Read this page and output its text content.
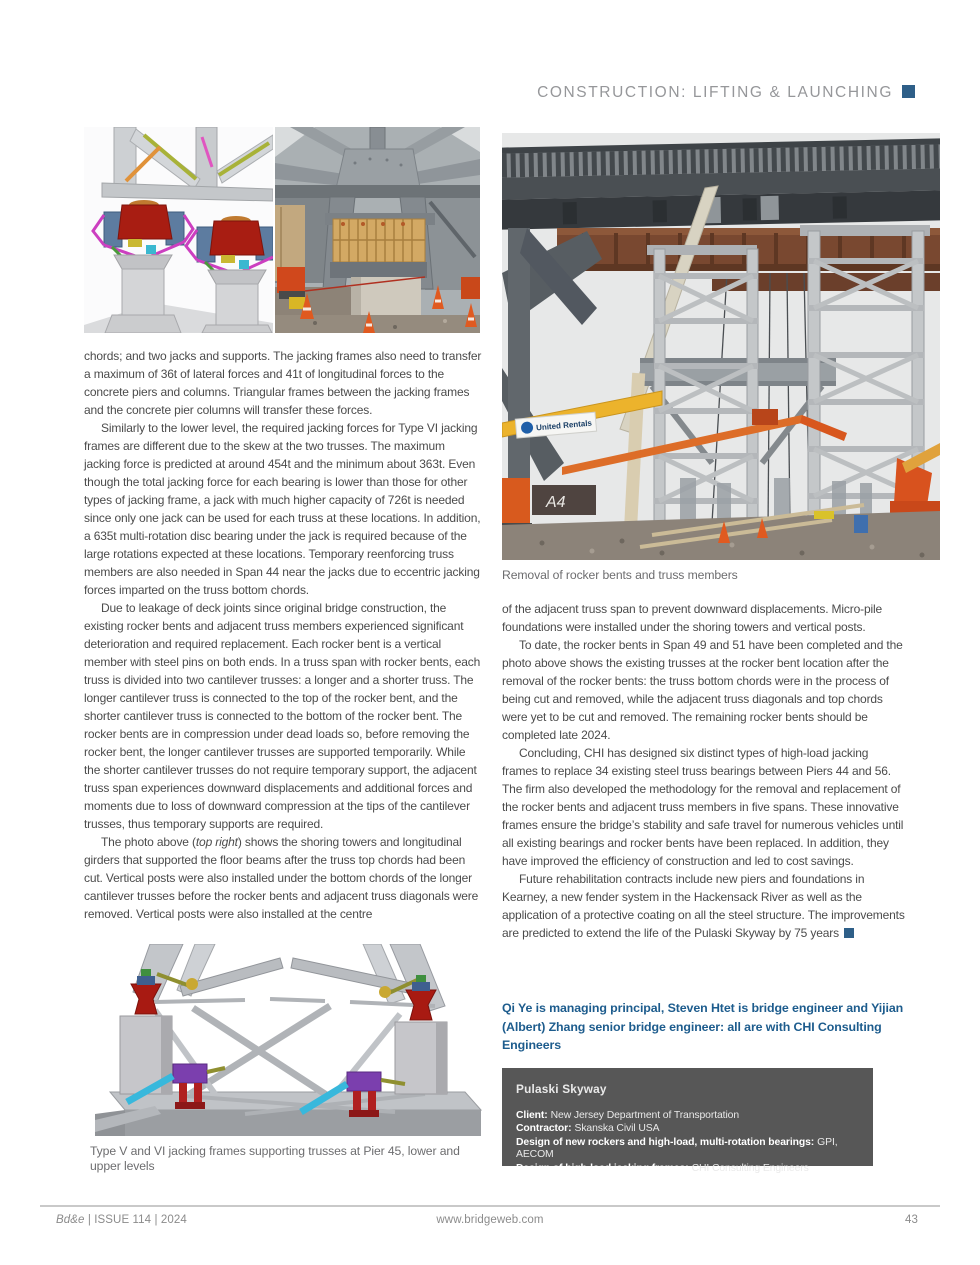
CONSTRUCTION: LIFTING & LAUNCHING
United Rentals
A4
Removal of rocker bents and truss members

chords; and two jacks and supports. The jacking frames also need to transfer a maximum of 36t of lateral forces and 41t of longitudinal forces to the concrete piers and columns. Triangular frames between the jacking frames and the concrete pier columns will transfer these forces.

Similarly to the lower level, the required jacking forces for Type VI jacking frames are different due to the skew at the two trusses. The maximum jacking force is predicted at around 454t and the minimum about 363t. Even though the total jacking force for each bearing is lower than those for other types of jacking frame, a jack with much higher capacity of 726t is needed since only one jack can be used for each truss at these locations. In addition, a 635t multi-rotation disc bearing under the jack is required because of the large rotations expected at these locations. Temporary reenforcing truss members are also needed in Span 44 near the jacks due to eccentric jacking forces imparted on the truss bottom chords.

Due to leakage of deck joints since original bridge construction, the existing rocker bents and adjacent truss members experienced significant deterioration and required replacement. Each rocker bent is a vertical member with steel pins on both ends. In a truss span with rocker bents, each truss is divided into two cantilever trusses: a longer and a shorter truss. The longer cantilever truss is connected to the top of the rocker bent, and the shorter cantilever truss is connected to the bottom of the rocker bent. The rocker bents are in compression under dead loads so, before removing the rocker bent, the longer cantilever trusses are supported temporarily. While the shorter cantilever trusses do not require temporary support, the adjacent truss span experiences downward displacements and additional forces and moments due to loss of downward compression at the tips of the cantilever trusses, thus temporary supports are required.

The photo above (top right) shows the shoring towers and longitudinal girders that supported the floor beams after the truss top chords had been cut. Vertical posts were also installed under the bottom chords of the longer cantilever trusses before the rocker bents and adjacent truss diagonals were removed. Vertical posts were also installed at the centre

of the adjacent truss span to prevent downward displacements. Micro-pile foundations were installed under the shoring towers and vertical posts.

To date, the rocker bents in Span 49 and 51 have been completed and the photo above shows the existing trusses at the rocker bent location after the removal of the rocker bents: the truss bottom chords were in the process of being cut and removed, while the adjacent truss diagonals and top chords were yet to be cut and removed. The remaining rocker bents should be completed late 2024.

Concluding, CHI has designed six distinct types of high-load jacking frames to replace 34 existing steel truss bearings between Piers 44 and 56. The firm also developed the methodology for the removal and replacement of the rocker bents and adjacent truss members in five spans. These innovative frames ensure the bridge’s stability and safe travel for numerous vehicles until all existing bearings and rocker bents have been replaced. In addition, they have improved the efficiency of construction and led to cost savings.

Future rehabilitation contracts include new piers and foundations in Kearney, a new fender system in the Hackensack River as well as the application of a protective coating on all the steel structure. The improvements are predicted to extend the life of the Pulaski Skyway by 75 years

Qi Ye is managing principal, Steven Htet is bridge engineer and Yijian (Albert) Zhang senior bridge engineer: all are with CHI Consulting Engineers

Pulaski Skyway

Client: New Jersey Department of Transportation

Contractor: Skanska Civil USA

Design of new rockers and high-load, multi-rotation bearings: GPI, AECOM

Design of high-load jacking frames: CHI Consulting Engineers

Type V and VI jacking frames supporting trusses at Pier 45, lower and upper levels
Bd&e | ISSUE 114 | 2024	www.bridgeweb.com	43
